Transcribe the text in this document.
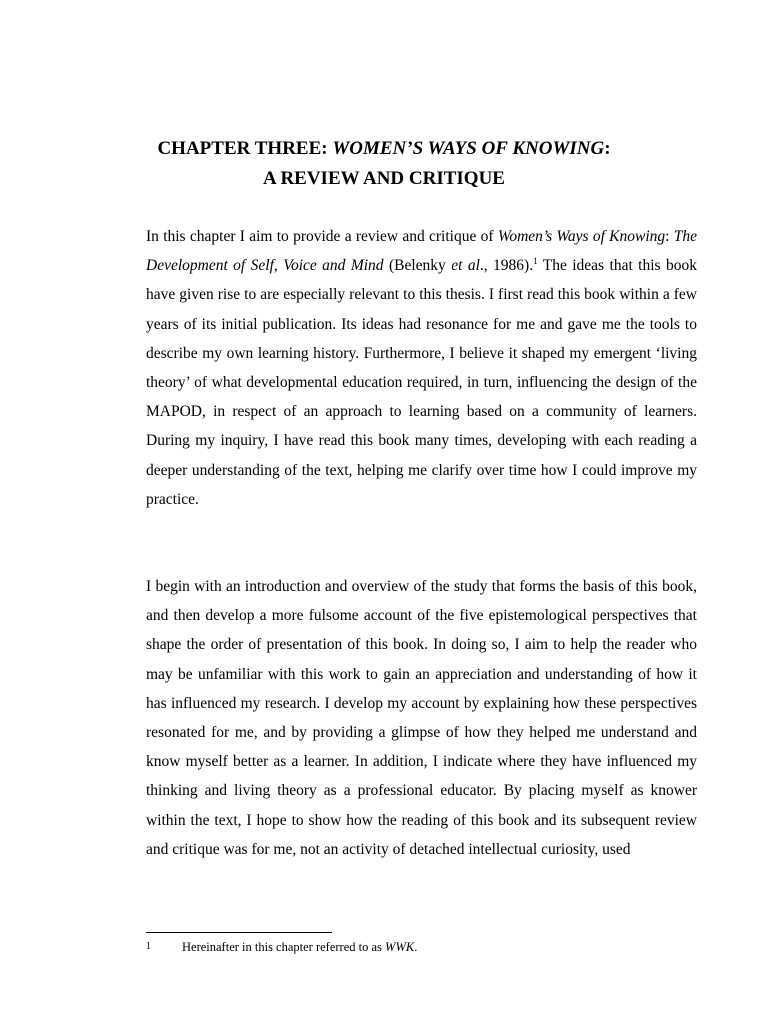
CHAPTER THREE: WOMEN’S WAYS OF KNOWING:
A REVIEW AND CRITIQUE

In this chapter I aim to provide a review and critique of Women’s Ways of Knowing: The Development of Self, Voice and Mind (Belenky et al., 1986).$^1$ The ideas that this book have given rise to are especially relevant to this thesis. I first read this book within a few years of its initial publication. Its ideas had resonance for me and gave me the tools to describe my own learning history. Furthermore, I believe it shaped my emergent ‘living theory’ of what developmental education required, in turn, influencing the design of the MAPOD, in respect of an approach to learning based on a community of learners. During my inquiry, I have read this book many times, developing with each reading a deeper understanding of the text, helping me clarify over time how I could improve my practice.

I begin with an introduction and overview of the study that forms the basis of this book, and then develop a more fulsome account of the five epistemological perspectives that shape the order of presentation of this book. In doing so, I aim to help the reader who may be unfamiliar with this work to gain an appreciation and understanding of how it has influenced my research. I develop my account by explaining how these perspectives resonated for me, and by providing a glimpse of how they helped me understand and know myself better as a learner. In addition, I indicate where they have influenced my thinking and living theory as a professional educator. By placing myself as knower within the text, I hope to show how the reading of this book and its subsequent review and critique was for me, not an activity of detached intellectual curiosity, used

1 Hereinafter in this chapter referred to as WWK.
